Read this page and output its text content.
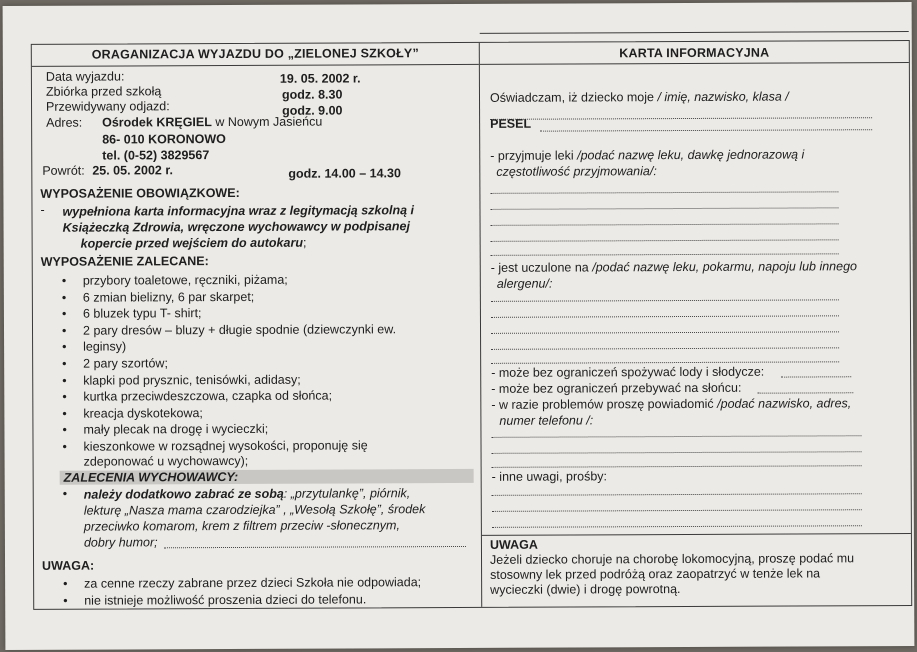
ORAGANIZACJA WYJAZDU DO „ZIELONEJ SZKOŁY”
Data wyjazdu:	19. 05. 2002 r.
Zbiórka przed szkołą	godz. 8.30
Przewidywany odjazd:	godz. 9.00
Adres: Ośrodek KRĘGIEL w Nowym Jasieńcu
86- 010 KORONOWO
tel. (0-52) 3829567
Powrót: 25. 05. 2002 r.	godz. 14.00 – 14.30
WYPOSAŻENIE OBOWIĄZKOWE:
- wypełniona karta informacyjna wraz z legitymacją szkolną i
Książeczką Zdrowia, wręczone wychowawcy w podpisanej
kopercie przed wejściem do autokaru;
WYPOSAŻENIE ZALECANE:
• przybory toaletowe, ręczniki, piżama;
• 6 zmian bielizny, 6 par skarpet;
• 6 bluzek typu T- shirt;
• 2 pary dresów – bluzy + długie spodnie (dziewczynki ew.
• leginsy)

• 2 pary szortów;
• klapki pod prysznic, tenisówki, adidasy;
• kurtka przeciwdeszczowa, czapka od słońca;
• kreacja dyskotekowa;
• mały plecak na drogę i wycieczki;
• kieszonkowe w rozsądnej wysokości, proponuję się
zdeponować u wychowawcy);
ZALECENIA WYCHOWAWCY:
• należy dodatkowo zabrać ze sobą: „przytulankę”, piórnik,
lekturę „Nasza mama czarodziejka” , „Wesołą Szkołę”, środek
przeciwko komarom, krem z filtrem przeciw -słonecznym,
dobry humor;
UWAGA:
• za cenne rzeczy zabrane przez dzieci Szkoła nie odpowiada;
• nie istnieje możliwość proszenia dzieci do telefonu.
KARTA INFORMACYJNA
Oświadczam, iż dziecko moje / imię, nazwisko, klasa /
PESEL
- przyjmuje leki /podać nazwę leku, dawkę jednorazową i
częstotliwość przyjmowania/:
- jest uczulone na /podać nazwę leku, pokarmu, napoju lub innego
alergenu/:
- może bez ograniczeń spożywać lody i słodycze:
- może bez ograniczeń przebywać na słońcu:
- w razie problemów proszę powiadomić /podać nazwisko, adres,
numer telefonu /:
- inne uwagi, prośby:
UWAGA
Jeżeli dziecko choruje na chorobę lokomocyjną, proszę podać mu
stosowny lek przed podróżą oraz zaopatrzyć w tenże lek na
wycieczki (dwie) i drogę powrotną.
